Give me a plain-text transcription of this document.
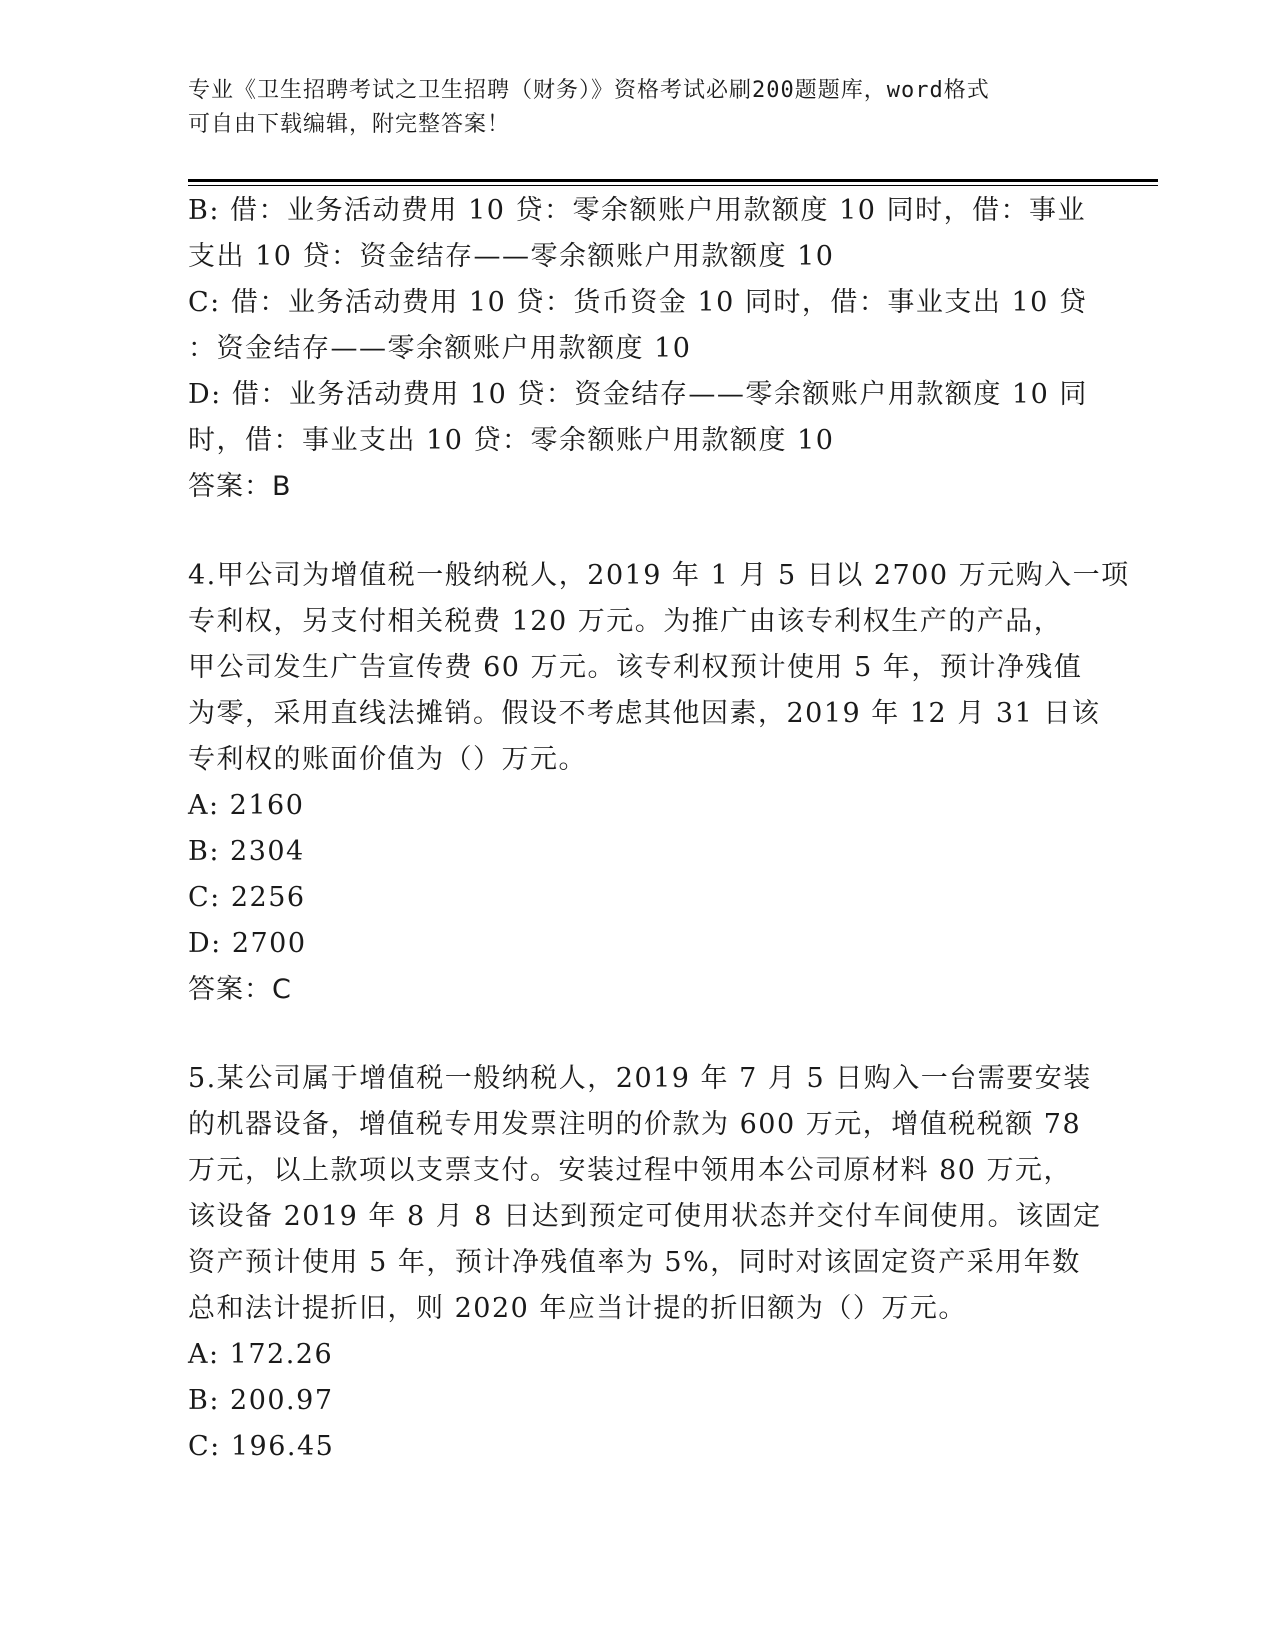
专业《卫生招聘考试之卫生招聘（财务）》资格考试必刷200题题库，word格式
可自由下载编辑，附完整答案！
B: 借：业务活动费用 10 贷：零余额账户用款额度 10 同时，借：事业
支出 10 贷：资金结存——零余额账户用款额度 10
C: 借：业务活动费用 10 贷：货币资金 10 同时，借：事业支出 10 贷
：资金结存——零余额账户用款额度 10
D: 借：业务活动费用 10 贷：资金结存——零余额账户用款额度 10 同
时，借：事业支出 10 贷：零余额账户用款额度 10
答案：B
4.甲公司为增值税一般纳税人，2019 年 1 月 5 日以 2700 万元购入一项
专利权，另支付相关税费 120 万元。为推广由该专利权生产的产品，
甲公司发生广告宣传费 60 万元。该专利权预计使用 5 年，预计净残值
为零，采用直线法摊销。假设不考虑其他因素，2019 年 12 月 31 日该
专利权的账面价值为（）万元。
A: 2160
B: 2304
C: 2256
D: 2700
答案：C
5.某公司属于增值税一般纳税人，2019 年 7 月 5 日购入一台需要安装
的机器设备，增值税专用发票注明的价款为 600 万元，增值税税额 78
万元，以上款项以支票支付。安装过程中领用本公司原材料 80 万元，
该设备 2019 年 8 月 8 日达到预定可使用状态并交付车间使用。该固定
资产预计使用 5 年，预计净残值率为 5%，同时对该固定资产采用年数
总和法计提折旧，则 2020 年应当计提的折旧额为（）万元。
A: 172.26
B: 200.97
C: 196.45
